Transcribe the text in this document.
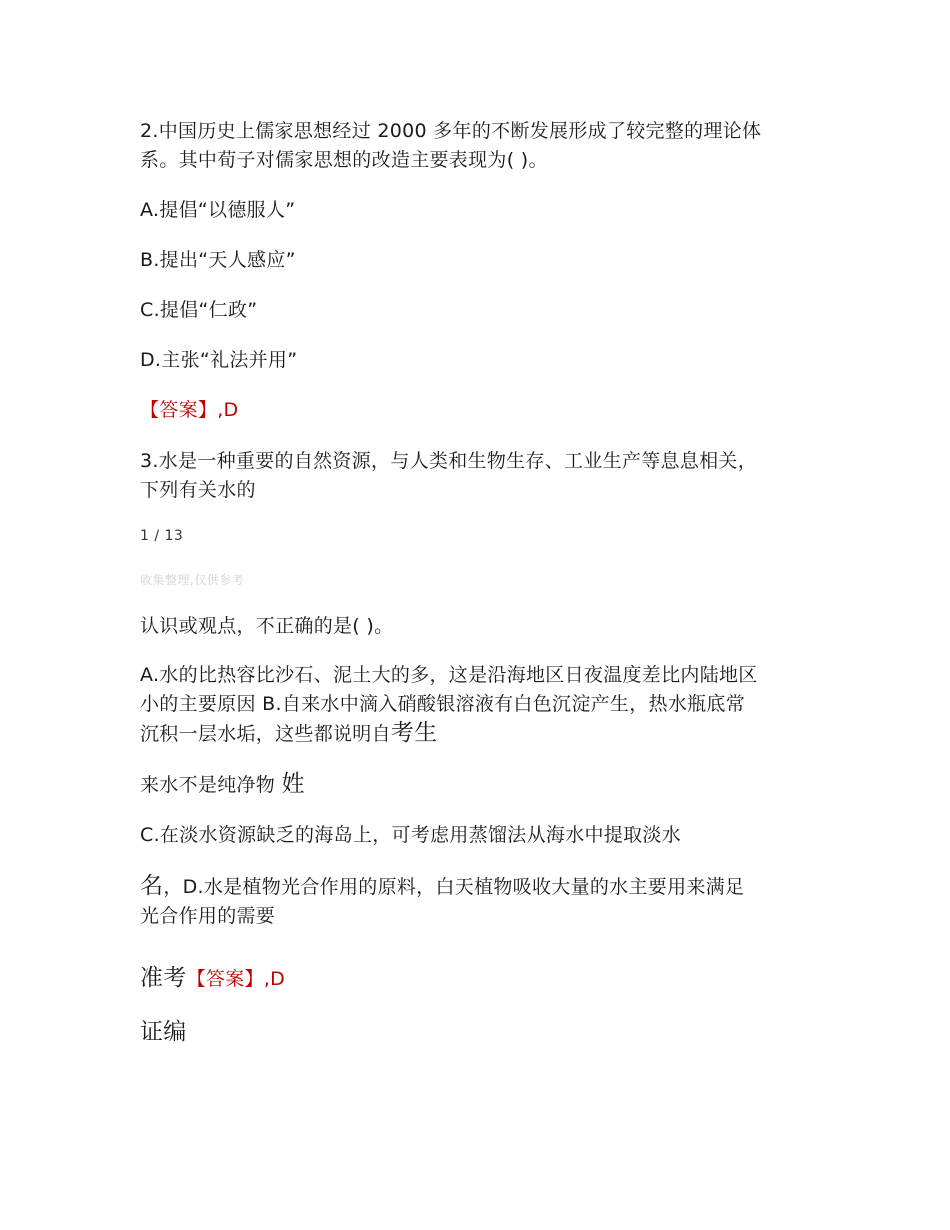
2.中国历史上儒家思想经过 2000 多年的不断发展形成了较完整的理论体
系。其中荀子对儒家思想的改造主要表现为( )。
A.提倡“以德服人”
B.提出“天人感应”
C.提倡“仁政”
D.主张“礼法并用”
【答案】,D
3.水是一种重要的自然资源，与人类和生物生存、工业生产等息息相关，
下列有关水的
1 / 13
收集整理,仅供参考
认识或观点，不正确的是( )。
A.水的比热容比沙石、泥土大的多，这是沿海地区日夜温度差比内陆地区
小的主要原因 B.自来水中滴入硝酸银溶液有白色沉淀产生，热水瓶底常
沉积一层水垢，这些都说明自考生
来水不是纯净物 姓
C.在淡水资源缺乏的海岛上，可考虑用蒸馏法从海水中提取淡水
名，D.水是植物光合作用的原料，白天植物吸收大量的水主要用来满足
光合作用的需要
准考【答案】,D
证编
